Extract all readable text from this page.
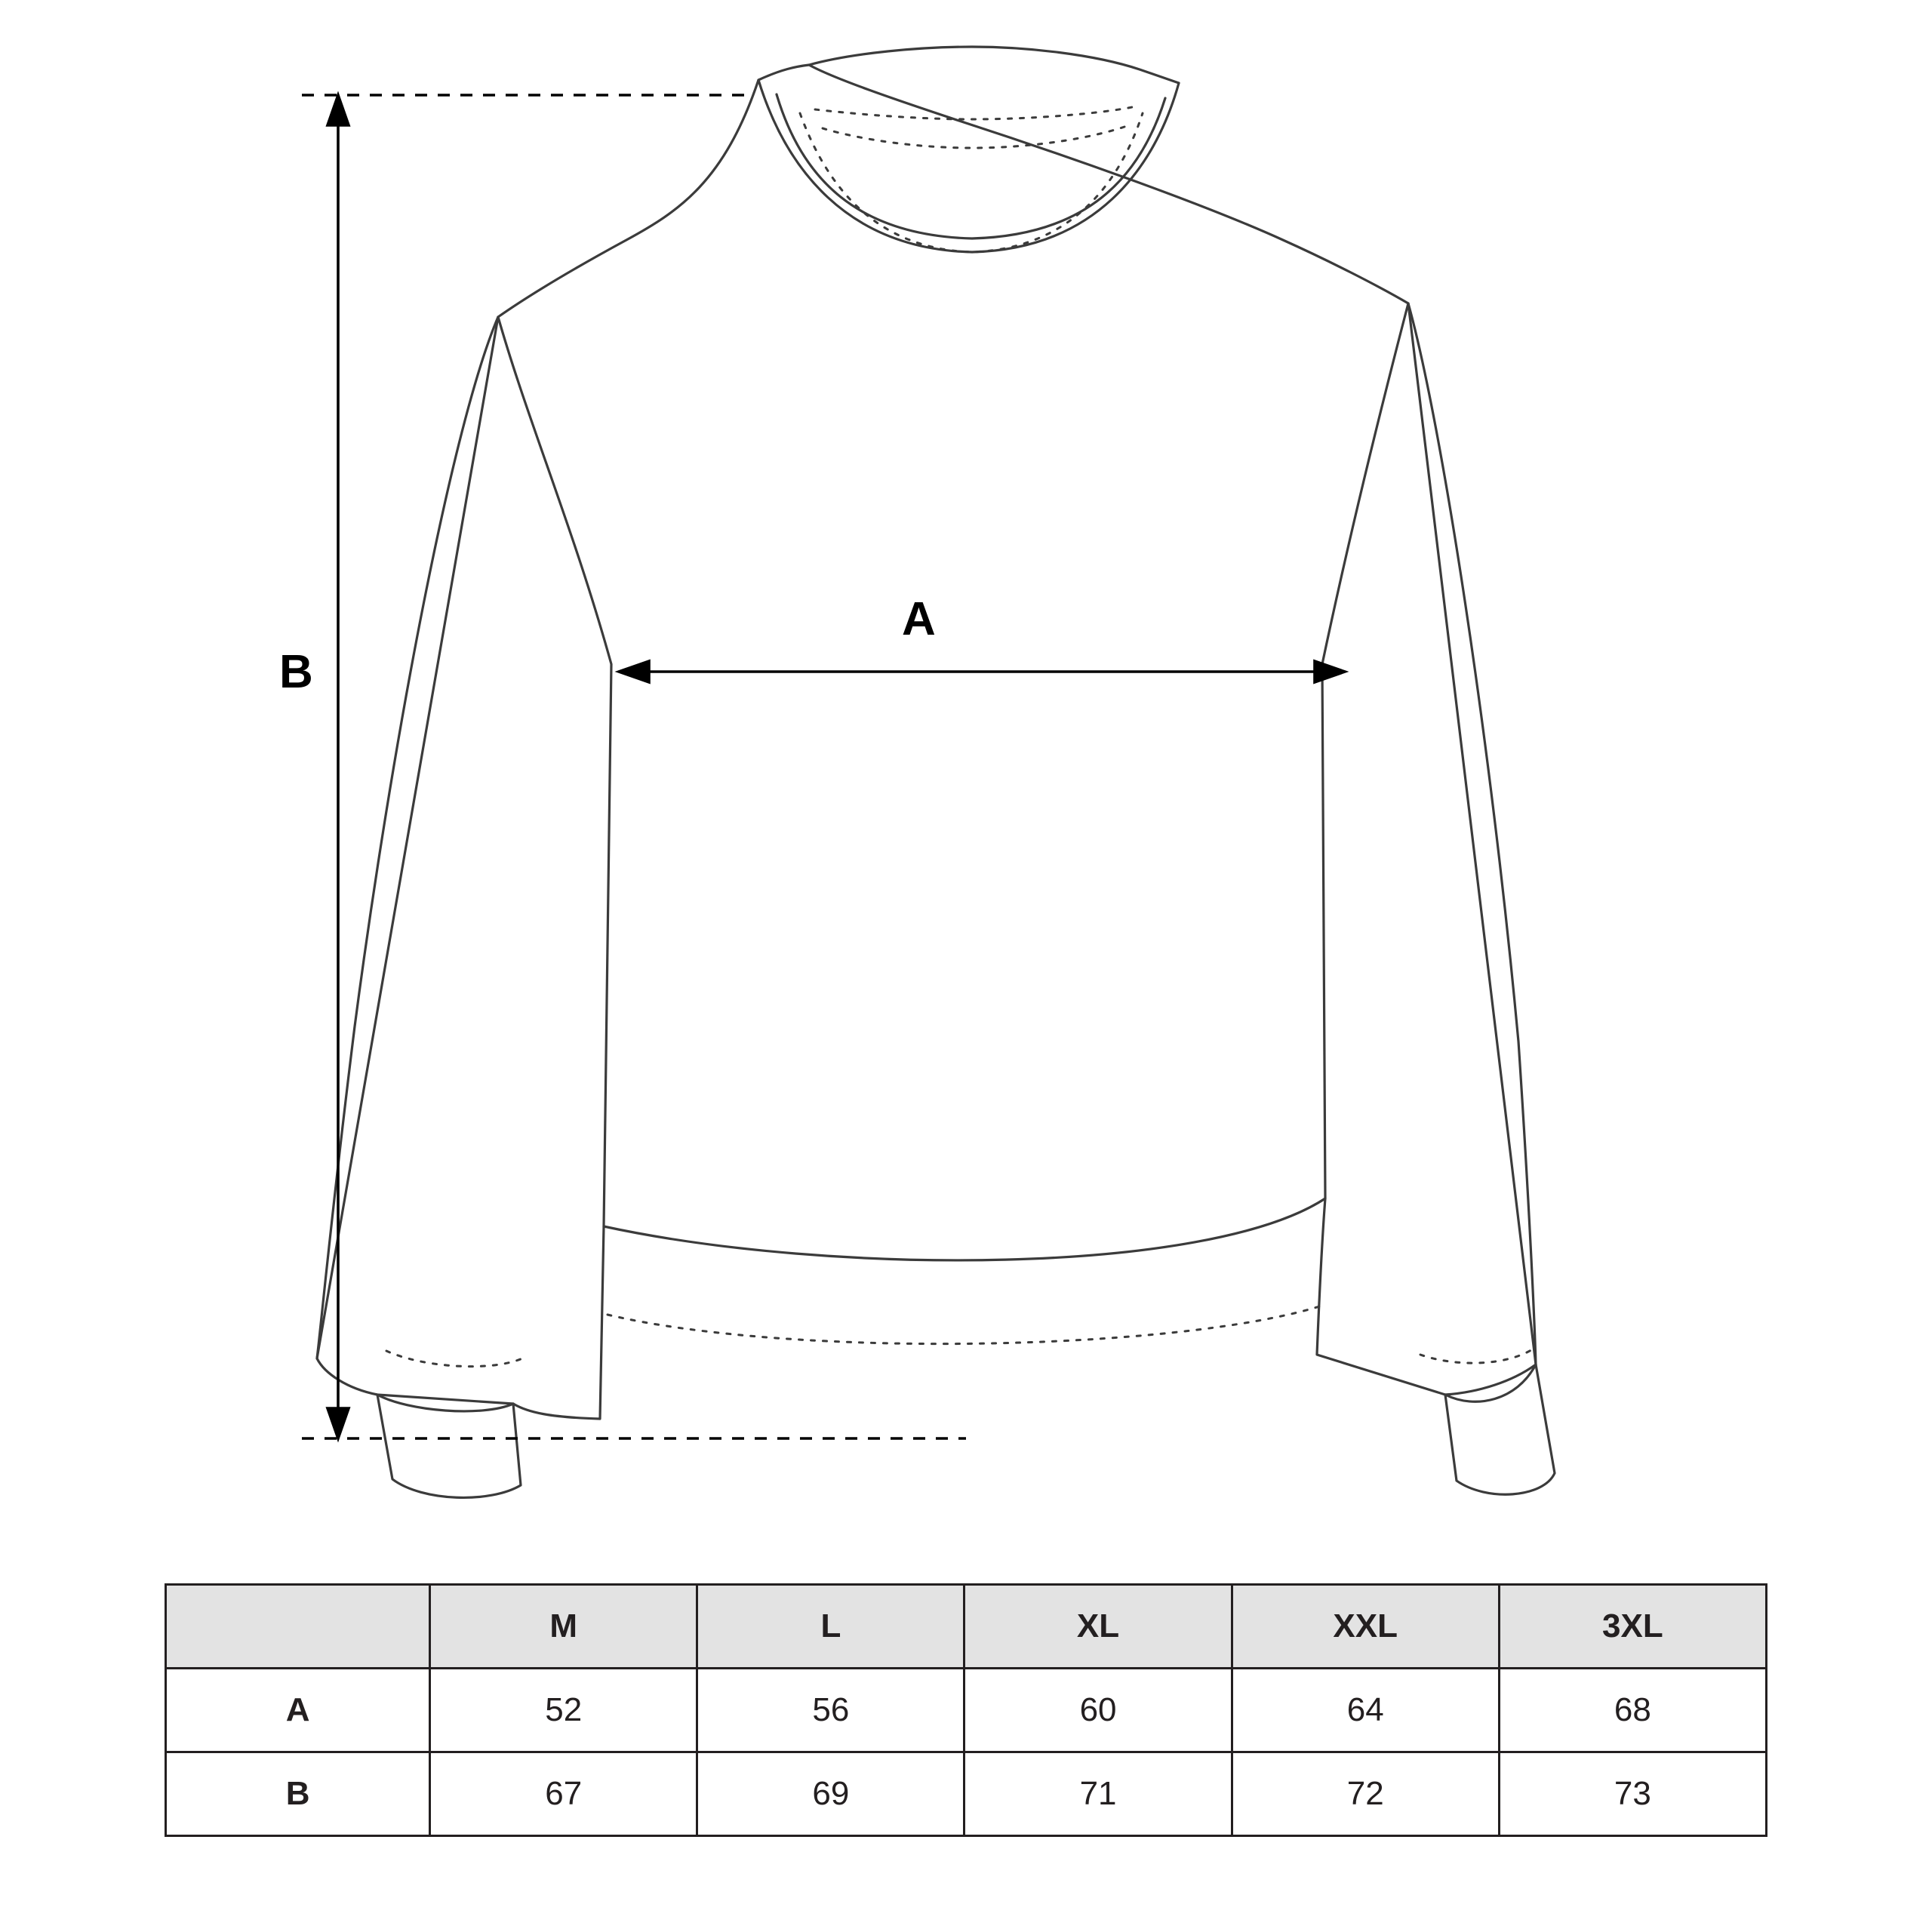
B
A
	M	L	XL	XXL	3XL
A	52	56	60	64	68
B	67	69	71	72	73
